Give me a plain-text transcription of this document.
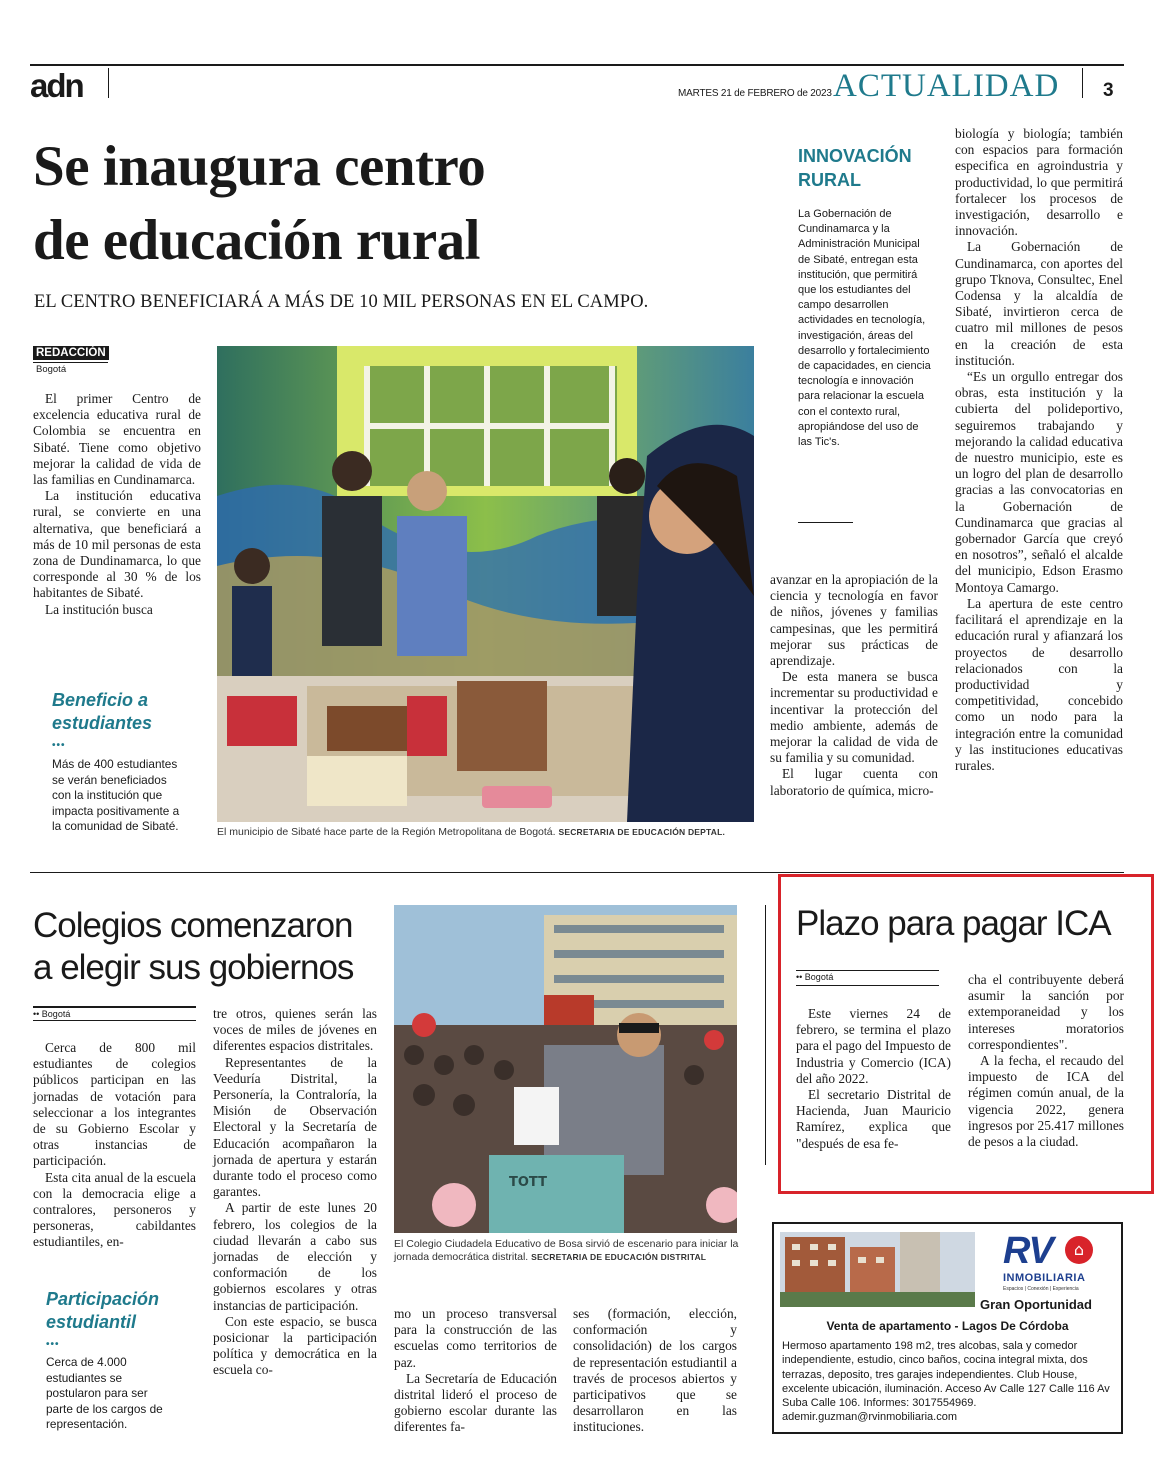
adn	MARTES 21 de FEBRERO de 2023 ACTUALIDAD 3
Se inaugura centro
de educación rural
EL CENTRO BENEFICIARÁ A MÁS DE 10 MIL PERSONAS EN EL CAMPO.
REDACCIÓN
Bogotá

El primer Centro de excelencia educativa rural de Colombia se encuentra en Sibaté. Tiene como objetivo mejorar la calidad de vida de las familias en Cundinamarca.

La institución educativa rural, se convierte en una alternativa, que beneficiará a más de 10 mil personas de esta zona de Dundinamarca, lo que corresponde al 30 % de los habitantes de Sibaté.

La institución busca

El municipio de Sibaté hace parte de la Región Metropolitana de Bogotá. SECRETARIA DE EDUCACIÓN DEPTAL.
Beneficio a
estudiantes
•••
Más de 400 estudiantes se verán beneficiados con la institución que impacta positivamente a la comunidad de Sibaté.
INNOVACIÓN
RURAL
La Gobernación de Cundinamarca y la Administración Municipal de Sibaté, entregan esta institución, que permitirá que los estudiantes del campo desarrollen actividades en tecnología, investigación, áreas del desarrollo y fortalecimiento de capacidades, en ciencia tecnología e innovación para relacionar la escuela con el contexto rural, apropiándose del uso de las Tic's.

avanzar en la apropiación de la ciencia y tecnología en favor de niños, jóvenes y familias campesinas, que les permitirá mejorar sus prácticas de aprendizaje.

De esta manera se busca incrementar su productividad e incentivar la protección del medio ambiente, además de mejorar la calidad de vida de su familia y su comunidad.

El lugar cuenta con laboratorio de química, micro-

biología y biología; también con espacios para formación especifica en agroindustria y productividad, lo que permitirá fortalecer los procesos de investigación, desarrollo e innovación.

La Gobernación de Cundinamarca, con aportes del grupo Tknova, Consultec, Enel Codensa y la alcaldía de Sibaté, invirtieron cerca de cuatro mil millones de pesos en la creación de esta institución.

“Es un orgullo entregar dos obras, esta institución y la cubierta del polideportivo, seguiremos trabajando y mejorando la calidad educativa de nuestro municipio, este es un logro del plan de desarrollo gracias a las convocatorias en la Gobernación de Cundinamarca que gracias al gobernador García que creyó en nosotros”, señaló el alcalde del municipio, Edson Erasmo Montoya Camargo.

La apertura de este centro facilitará el aprendizaje en la educación rural y afianzará los proyectos de desarrollo relacionados con la productividad y competitividad, concebido como un nodo para la integración entre la comunidad y las instituciones educativas rurales.

Colegios comenzaron
a elegir sus gobiernos
•• Bogotá

Cerca de 800 mil estudiantes de colegios públicos participan en las jornadas de votación para seleccionar a los integrantes de su Gobierno Escolar y otras instancias de participación.

Esta cita anual de la escuela con la democracia elige a contralores, personeros y personeras, cabildantes estudiantiles, en-

tre otros, quienes serán las voces de miles de jóvenes en diferentes espacios distritales.

Representantes de la Veeduría Distrital, la Personería, la Contraloría, la Misión de Observación Electoral y la Secretaría de Educación acompañaron la jornada de apertura y estarán durante todo el proceso como garantes.

A partir de este lunes 20 febrero, los colegios de la ciudad llevarán a cabo sus jornadas de elección y conformación de los gobiernos escolares y otras instancias de participación.

Con este espacio, se busca posicionar la participación política y democrática en la escuela co-

mo un proceso transversal para la construcción de las escuelas como territorios de paz.

La Secretaría de Educación distrital lideró el proceso de gobierno escolar durante las diferentes fa-

ses (formación, elección, conformación y consolidación) de los cargos de representación estudiantil a través de procesos abiertos y participativos que se desarrollaron en las instituciones.

TOTT
El Colegio Ciudadela Educativo de Bosa sirvió de escenario para iniciar la jornada democrática distrital. SECRETARIA DE EDUCACIÓN DISTRITAL
Participación
estudiantil
•••
Cerca de 4.000 estudiantes se postularon para ser parte de los cargos de representación.
Plazo para pagar ICA
•• Bogotá

Este viernes 24 de febrero, se termina el plazo para el pago del Impuesto de Industria y Comercio (ICA) del año 2022.

El secretario Distrital de Hacienda, Juan Mauricio Ramírez, explica que "después de esa fe-

cha el contribuyente deberá asumir la sanción por extemporaneidad y los intereses moratorios correspondientes".

A la fecha, el recaudo del impuesto de ICA del régimen común anual, de la vigencia 2022, genera ingresos por 25.417 millones de pesos a la ciudad.

RV	⌂
INMOBILIARIA
Espacios | Conexión | Experiencia
Gran Oportunidad
Venta de apartamento - Lagos De Córdoba
Hermoso apartamento 198 m2, tres alcobas, sala y comedor independiente, estudio, cinco baños, cocina integral mixta, dos terrazas, deposito, tres garajes independientes. Club House, excelente ubicación, iluminación. Acceso Av Calle 127 Calle 116 Av Suba Calle 106. Informes: 3017554969.
ademir.guzman@rvinmobiliaria.com
